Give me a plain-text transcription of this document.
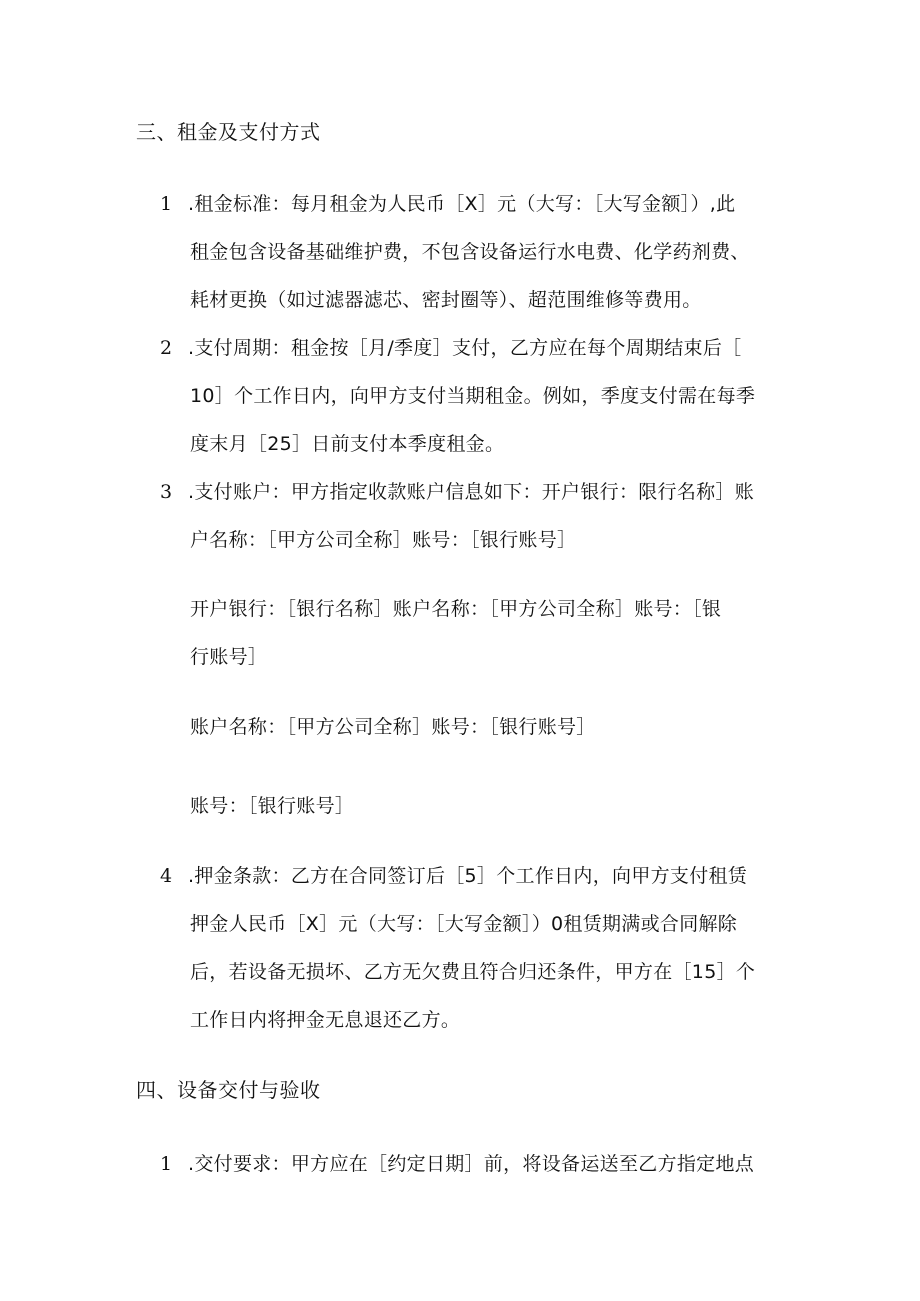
三、租金及支付方式
1 .租金标准：每月租金为人民币［X］元（大写：［大写金额］）,此
租金包含设备基础维护费，不包含设备运行水电费、化学药剂费、
耗材更换（如过滤器滤芯、密封圈等）、超范围维修等费用。
2 .支付周期：租金按［月/季度］支付，乙方应在每个周期结束后［
10］个工作日内，向甲方支付当期租金。例如，季度支付需在每季
度末月［25］日前支付本季度租金。
3 .支付账户：甲方指定收款账户信息如下：开户银行：限行名称］账
户名称：［甲方公司全称］账号：［银行账号］
开户银行：［银行名称］账户名称：［甲方公司全称］账号：［银
行账号］
账户名称：［甲方公司全称］账号：［银行账号］
账号：［银行账号］
4 .押金条款：乙方在合同签订后［5］个工作日内，向甲方支付租赁
押金人民币［X］元（大写：［大写金额］）0租赁期满或合同解除
后，若设备无损坏、乙方无欠费且符合归还条件，甲方在［15］个
工作日内将押金无息退还乙方。
四、设备交付与验收
1 .交付要求：甲方应在［约定日期］前，将设备运送至乙方指定地点
